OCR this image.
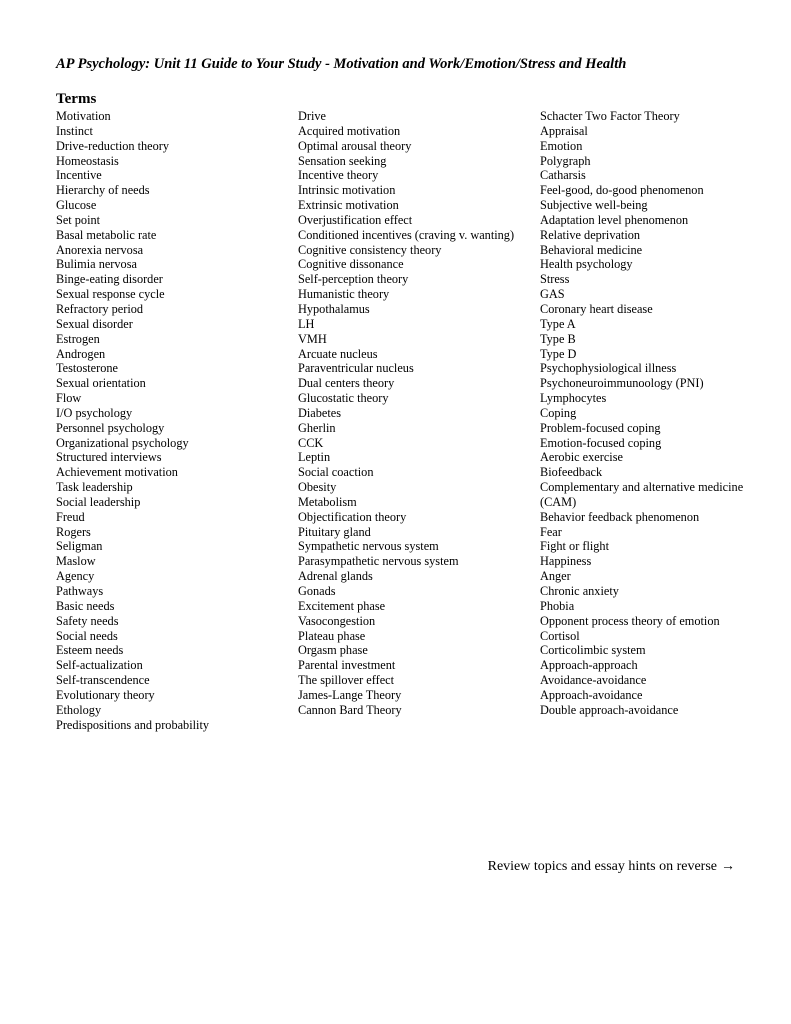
AP Psychology: Unit 11 Guide to Your Study - Motivation and Work/Emotion/Stress and Health
Terms
Motivation
Instinct
Drive-reduction theory
Homeostasis
Incentive
Hierarchy of needs
Glucose
Set point
Basal metabolic rate
Anorexia nervosa
Bulimia nervosa
Binge-eating disorder
Sexual response cycle
Refractory period
Sexual disorder
Estrogen
Androgen
Testosterone
Sexual orientation
Flow
I/O psychology
Personnel psychology
Organizational psychology
Structured interviews
Achievement motivation
Task leadership
Social leadership
Freud
Rogers
Seligman
Maslow
Agency
Pathways
Basic needs
Safety needs
Social needs
Esteem needs
Self-actualization
Self-transcendence
Evolutionary theory
Ethology
Predispositions and probability
Drive
Acquired motivation
Optimal arousal theory
Sensation seeking
Incentive theory
Intrinsic motivation
Extrinsic motivation
Overjustification effect
Conditioned incentives (craving v. wanting)
Cognitive consistency theory
Cognitive dissonance
Self-perception theory
Humanistic theory
Hypothalamus
LH
VMH
Arcuate nucleus
Paraventricular nucleus
Dual centers theory
Glucostatic theory
Diabetes
Gherlin
CCK
Leptin
Social coaction
Obesity
Metabolism
Objectification theory
Pituitary gland
Sympathetic nervous system
Parasympathetic nervous system
Adrenal glands
Gonads
Excitement phase
Vasocongestion
Plateau phase
Orgasm phase
Parental investment
The spillover effect
James-Lange Theory
Cannon Bard Theory
Schacter Two Factor Theory
Appraisal
Emotion
Polygraph
Catharsis
Feel-good, do-good phenomenon
Subjective well-being
Adaptation level phenomenon
Relative deprivation
Behavioral medicine
Health psychology
Stress
GAS
Coronary heart disease
Type A
Type B
Type D
Psychophysiological illness
Psychoneuroimmunoology (PNI)
Lymphocytes
Coping
Problem-focused coping
Emotion-focused coping
Aerobic exercise
Biofeedback
Complementary and alternative medicine (CAM)
Behavior feedback phenomenon
Fear
Fight or flight
Happiness
Anger
Chronic anxiety
Phobia
Opponent process theory of emotion
Cortisol
Corticolimbic system
Approach-approach
Avoidance-avoidance
Approach-avoidance
Double approach-avoidance
Review topics and essay hints on reverse →
